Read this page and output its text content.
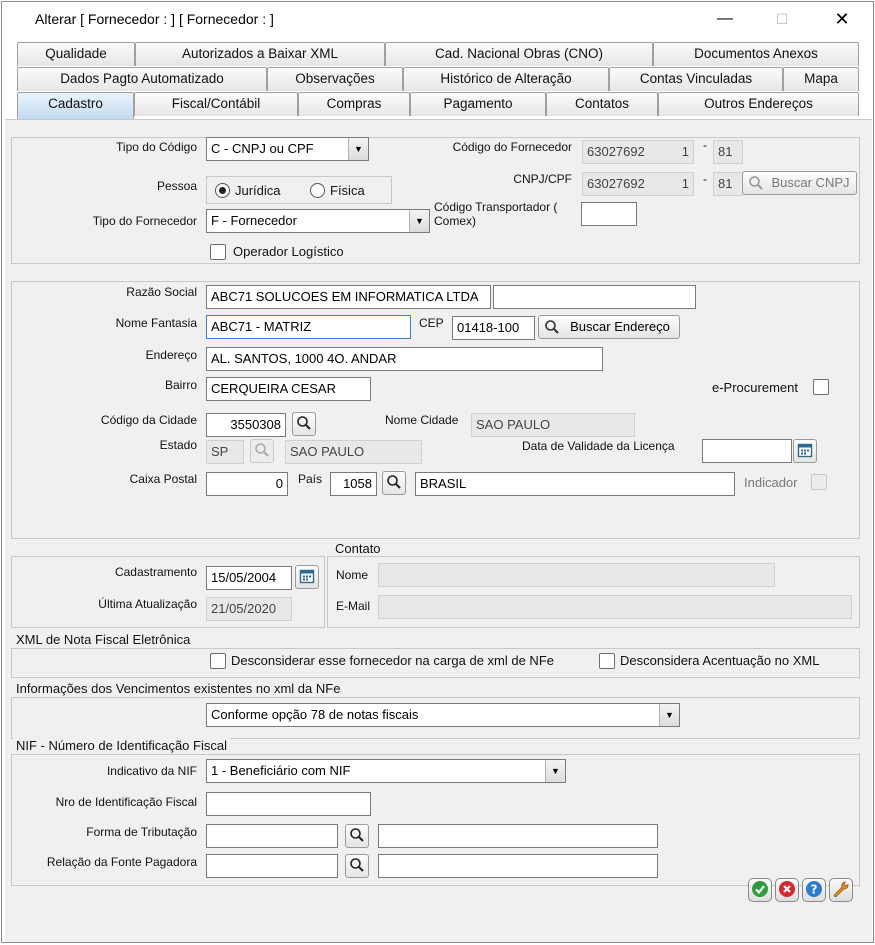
Alterar [ Fornecedor : ] [ Fornecedor : ]	—	☐	✕
Qualidade	Autorizados a Baixar XML	Cad. Nacional Obras (CNO)	Documentos Anexos
Dados Pagto Automatizado	Observações	Histórico de Alteração	Contas Vinculadas	Mapa
Cadastro	Fiscal/Contábil	Compras	Pagamento	Contatos	Outros Endereços
Tipo do Código	C - CNPJ ou CPF	▼
Pessoa	Jurídica	Física
Tipo do Fornecedor	F - Fornecedor	▼
Operador Logístico
Código do Fornecedor	63027692	1 - 81
CNPJ/CPF	63027692	1 - 81	Buscar CNPJ
Código Transportador (
Comex)
Razão Social	ABC71 SOLUCOES EM INFORMATICA LTDA
Nome Fantasia	ABC71 - MATRIZ	CEP	01418-100	Buscar Endereço
Endereço	AL. SANTOS, 1000 4O. ANDAR
Bairro	CERQUEIRA CESAR	e-Procurement
Código da Cidade	3550308	Nome Cidade	SAO PAULO
Estado	SP	SAO PAULO	Data de Validade da Licença
Caixa Postal	0	País	1058	BRASIL	Indicador
Cadastramento	15/05/2004
Última Atualização	21/05/2020
Contato
Nome
E-Mail
XML de Nota Fiscal Eletrônica
Desconsiderar esse fornecedor na carga de xml de NFe	Desconsidera Acentuação no XML
Informações dos Vencimentos existentes no xml da NFe
Conforme opção 78 de notas fiscais	▼
NIF - Número de Identificação Fiscal
Indicativo da NIF	1 - Beneficiário com NIF	▼
Nro de Identificação Fiscal
Forma de Tributação
Relação da Fonte Pagadora
?
